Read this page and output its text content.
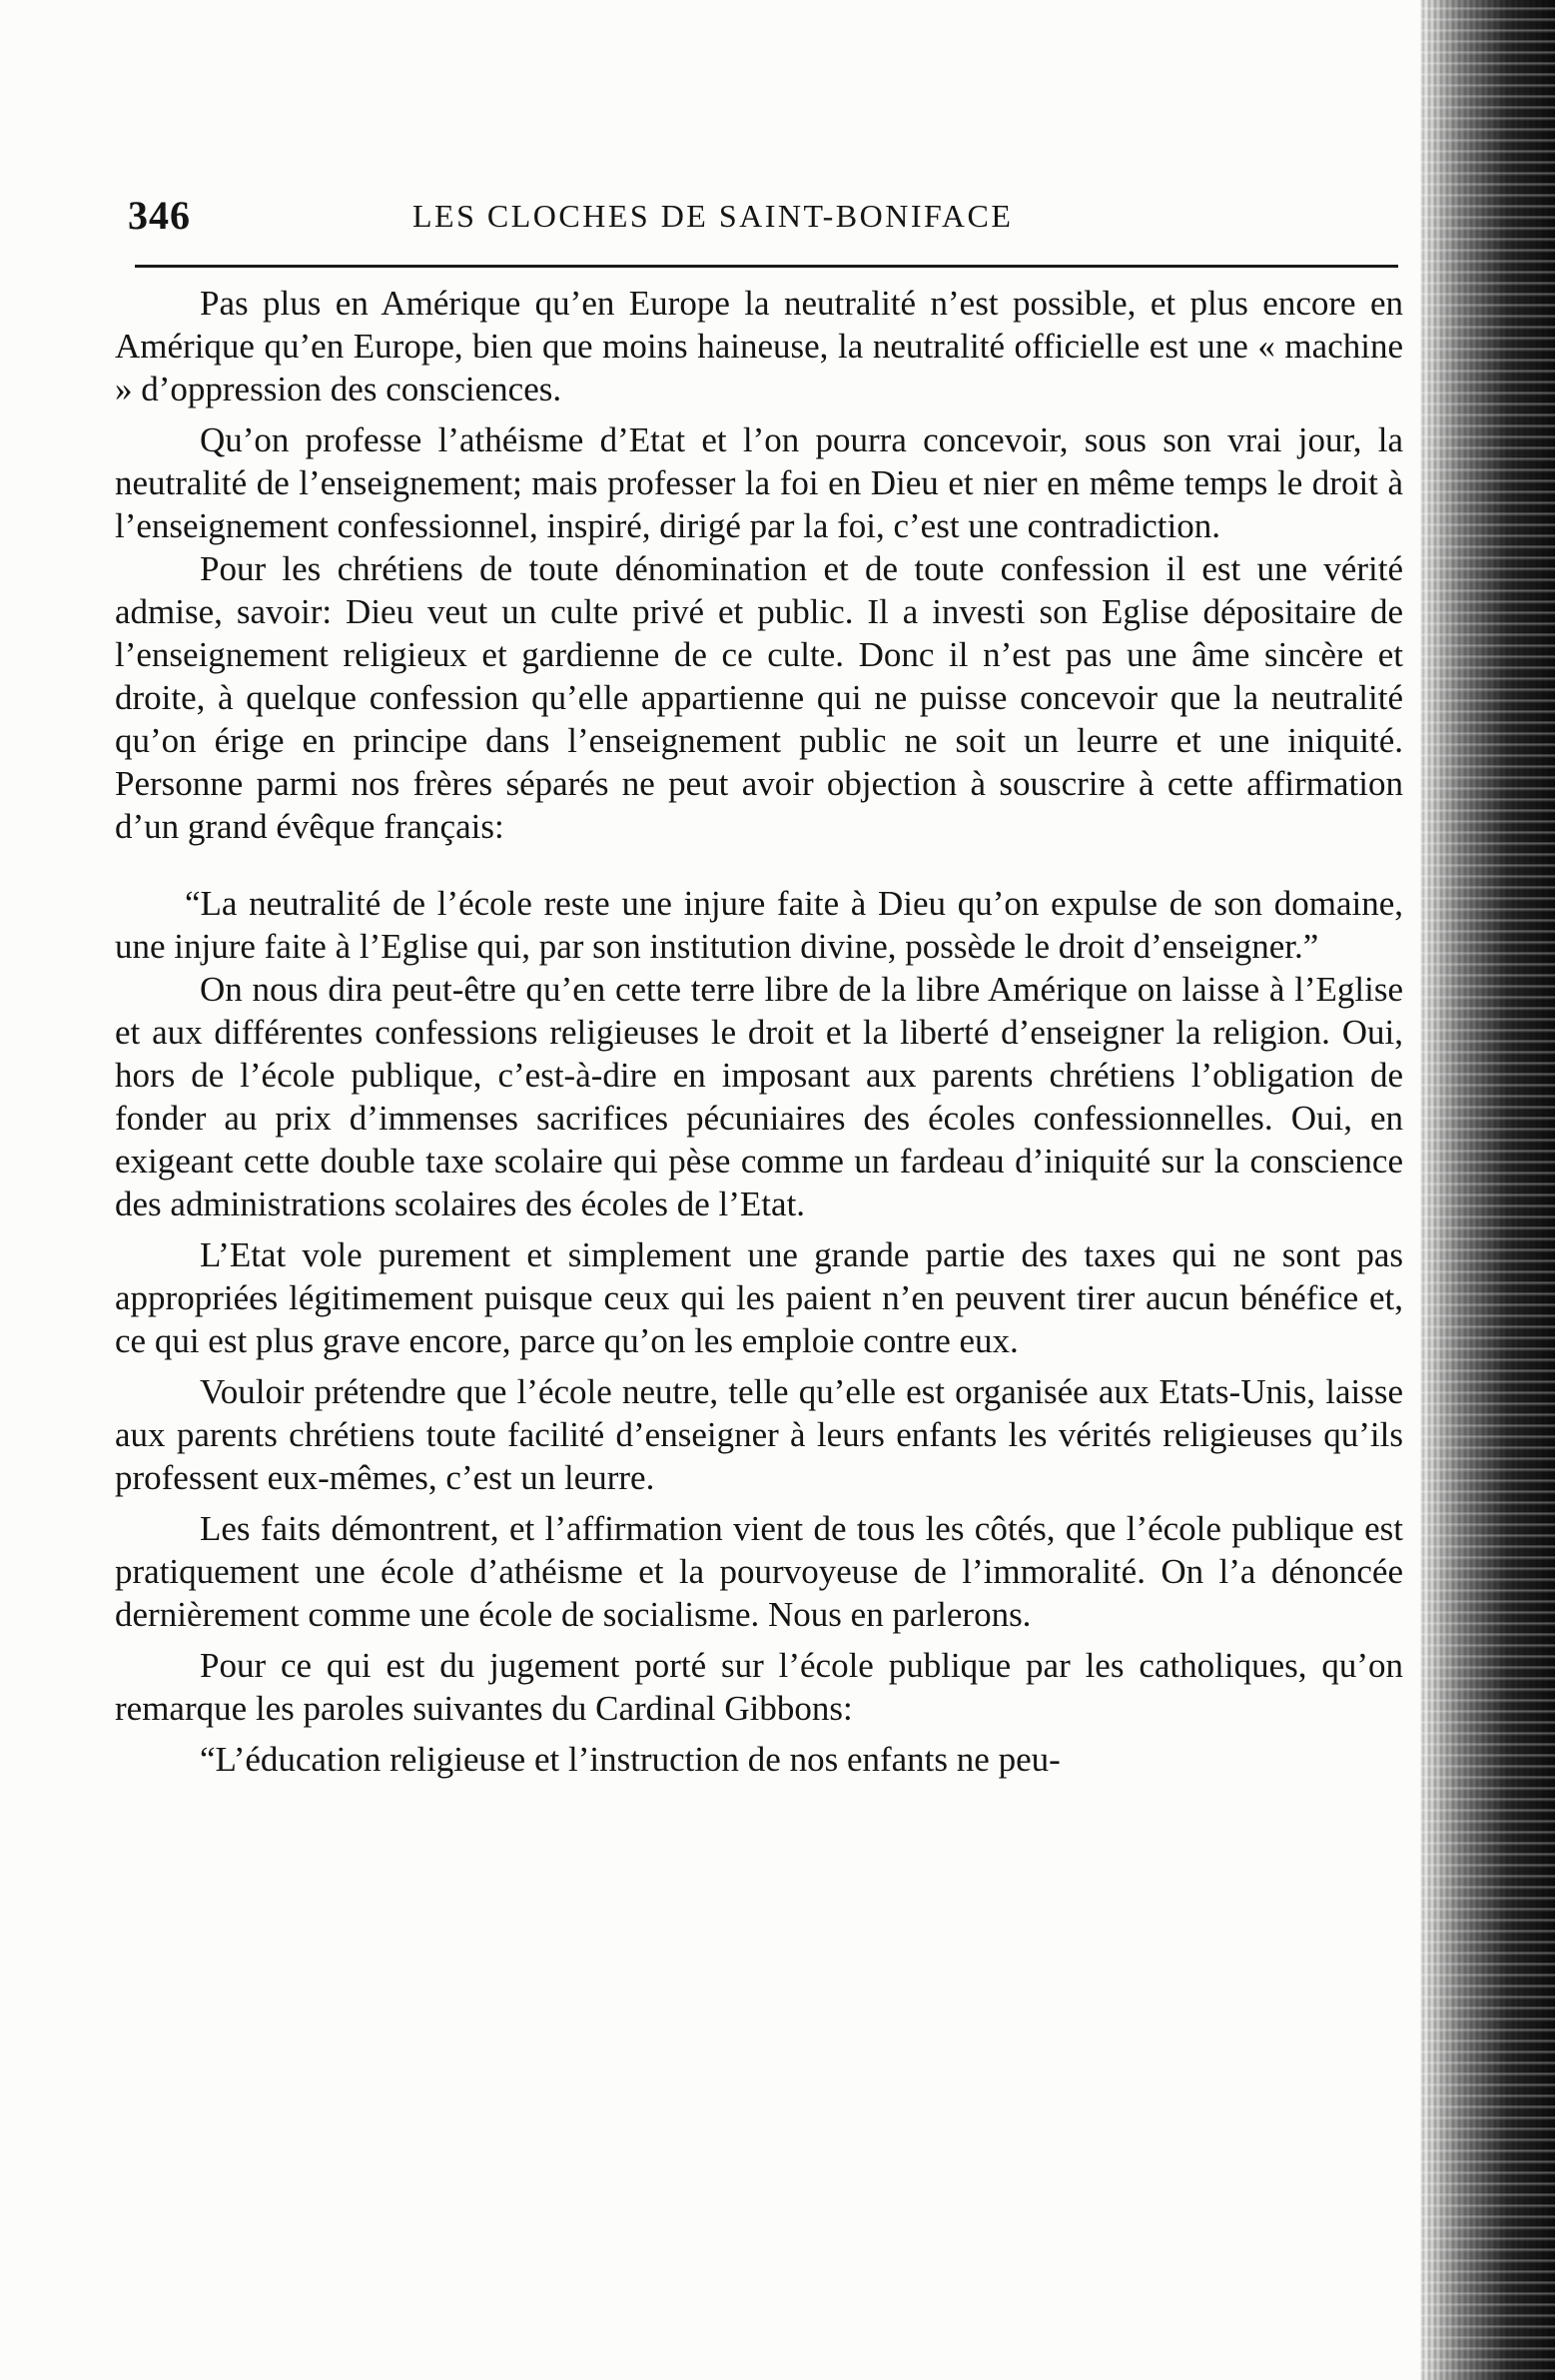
346	LES CLOCHES DE SAINT-BONIFACE

Pas plus en Amérique qu’en Europe la neutralité n’est possible, et plus encore en Amérique qu’en Europe, bien que moins haineuse, la neutralité officielle est une « machine » d’oppression des consciences.

Qu’on professe l’athéisme d’Etat et l’on pourra concevoir, sous son vrai jour, la neutralité de l’enseignement; mais professer la foi en Dieu et nier en même temps le droit à l’enseignement confessionnel, inspiré, dirigé par la foi, c’est une contradiction.

Pour les chrétiens de toute dénomination et de toute confession il est une vérité admise, savoir: Dieu veut un culte privé et public. Il a investi son Eglise dépositaire de l’enseignement religieux et gardienne de ce culte. Donc il n’est pas une âme sincère et droite, à quelque confession qu’elle appartienne qui ne puisse concevoir que la neutralité qu’on érige en principe dans l’enseignement public ne soit un leurre et une iniquité. Personne parmi nos frères séparés ne peut avoir objection à souscrire à cette affirmation d’un grand évêque français:

“La neutralité de l’école reste une injure faite à Dieu qu’on expulse de son domaine, une injure faite à l’Eglise qui, par son institution divine, possède le droit d’enseigner.”

On nous dira peut-être qu’en cette terre libre de la libre Amérique on laisse à l’Eglise et aux différentes confessions religieuses le droit et la liberté d’enseigner la religion. Oui, hors de l’école publique, c’est-à-dire en imposant aux parents chrétiens l’obligation de fonder au prix d’immenses sacrifices pécuniaires des écoles confessionnelles. Oui, en exigeant cette double taxe scolaire qui pèse comme un fardeau d’iniquité sur la conscience des administrations scolaires des écoles de l’Etat.

L’Etat vole purement et simplement une grande partie des taxes qui ne sont pas appropriées légitimement puisque ceux qui les paient n’en peuvent tirer aucun bénéfice et, ce qui est plus grave encore, parce qu’on les emploie contre eux.

Vouloir prétendre que l’école neutre, telle qu’elle est organisée aux Etats-Unis, laisse aux parents chrétiens toute facilité d’enseigner à leurs enfants les vérités religieuses qu’ils professent eux-mêmes, c’est un leurre.

Les faits démontrent, et l’affirmation vient de tous les côtés, que l’école publique est pratiquement une école d’athéisme et la pourvoyeuse de l’immoralité. On l’a dénoncée dernièrement comme une école de socialisme. Nous en parlerons.

Pour ce qui est du jugement porté sur l’école publique par les catholiques, qu’on remarque les paroles suivantes du Cardinal Gibbons:

“L’éducation religieuse et l’instruction de nos enfants ne peu-
